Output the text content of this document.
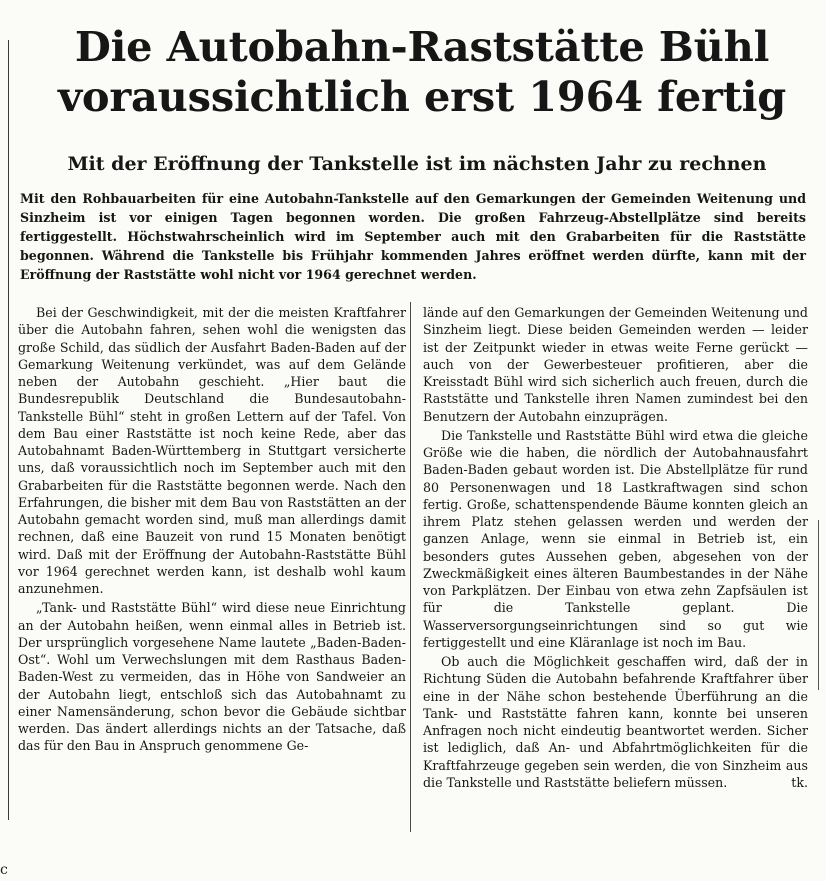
Die Autobahn-Raststätte Bühl voraussichtlich erst 1964 fertig
Mit der Eröffnung der Tankstelle ist im nächsten Jahr zu rechnen

Mit den Rohbauarbeiten für eine Autobahn-Tankstelle auf den Gemarkungen der Gemeinden Weitenung und Sinzheim ist vor einigen Tagen begonnen worden. Die großen Fahrzeug-Abstellplätze sind bereits fertiggestellt. Höchstwahrscheinlich wird im September auch mit den Grabarbeiten für die Raststätte begonnen. Während die Tankstelle bis Frühjahr kommenden Jahres eröffnet werden dürfte, kann mit der Eröffnung der Raststätte wohl nicht vor 1964 gerechnet werden.

Bei der Geschwindigkeit, mit der die meisten Kraftfahrer über die Autobahn fahren, sehen wohl die wenigsten das große Schild, das südlich der Ausfahrt Baden-Baden auf der Gemarkung Weitenung verkündet, was auf dem Gelände neben der Autobahn geschieht. „Hier baut die Bundesrepublik Deutschland die Bundesautobahn-Tankstelle Bühl“ steht in großen Lettern auf der Tafel. Von dem Bau einer Raststätte ist noch keine Rede, aber das Autobahnamt Baden-Württemberg in Stuttgart versicherte uns, daß voraussichtlich noch im September auch mit den Grabarbeiten für die Raststätte begonnen werde. Nach den Erfahrungen, die bisher mit dem Bau von Raststätten an der Autobahn gemacht worden sind, muß man allerdings damit rechnen, daß eine Bauzeit von rund 15 Monaten benötigt wird. Daß mit der Eröffnung der Autobahn-Raststätte Bühl vor 1964 gerechnet werden kann, ist deshalb wohl kaum anzunehmen.

„Tank- und Raststätte Bühl“ wird diese neue Einrichtung an der Autobahn heißen, wenn einmal alles in Betrieb ist. Der ursprünglich vorgesehene Name lautete „Baden-Baden-Ost“. Wohl um Verwechslungen mit dem Rasthaus Baden-Baden-West zu vermeiden, das in Höhe von Sandweier an der Autobahn liegt, entschloß sich das Autobahnamt zu einer Namensänderung, schon bevor die Gebäude sichtbar werden. Das ändert allerdings nichts an der Tatsache, daß das für den Bau in Anspruch genommene Ge-

lände auf den Gemarkungen der Gemeinden Weitenung und Sinzheim liegt. Diese beiden Gemeinden werden — leider ist der Zeitpunkt wieder in etwas weite Ferne gerückt — auch von der Gewerbesteuer profitieren, aber die Kreisstadt Bühl wird sich sicherlich auch freuen, durch die Raststätte und Tankstelle ihren Namen zumindest bei den Benutzern der Autobahn einzuprägen.

Die Tankstelle und Raststätte Bühl wird etwa die gleiche Größe wie die haben, die nördlich der Autobahnausfahrt Baden-Baden gebaut worden ist. Die Abstellplätze für rund 80 Personenwagen und 18 Lastkraftwagen sind schon fertig. Große, schattenspendende Bäume konnten gleich an ihrem Platz stehen gelassen werden und werden der ganzen Anlage, wenn sie einmal in Betrieb ist, ein besonders gutes Aussehen geben, abgesehen von der Zweckmäßigkeit eines älteren Baumbestandes in der Nähe von Parkplätzen. Der Einbau von etwa zehn Zapfsäulen ist für die Tankstelle geplant. Die Wasserversorgungseinrichtungen sind so gut wie fertiggestellt und eine Kläranlage ist noch im Bau.

Ob auch die Möglichkeit geschaffen wird, daß der in Richtung Süden die Autobahn befahrende Kraftfahrer über eine in der Nähe schon bestehende Überführung an die Tank- und Raststätte fahren kann, konnte bei unseren Anfragen noch nicht eindeutig beantwortet werden. Sicher ist lediglich, daß An- und Abfahrtmöglichkeiten für die Kraftfahrzeuge gegeben sein werden, die von Sinzheim aus die Tankstelle und Raststätte beliefern müssen.	tk.

c
